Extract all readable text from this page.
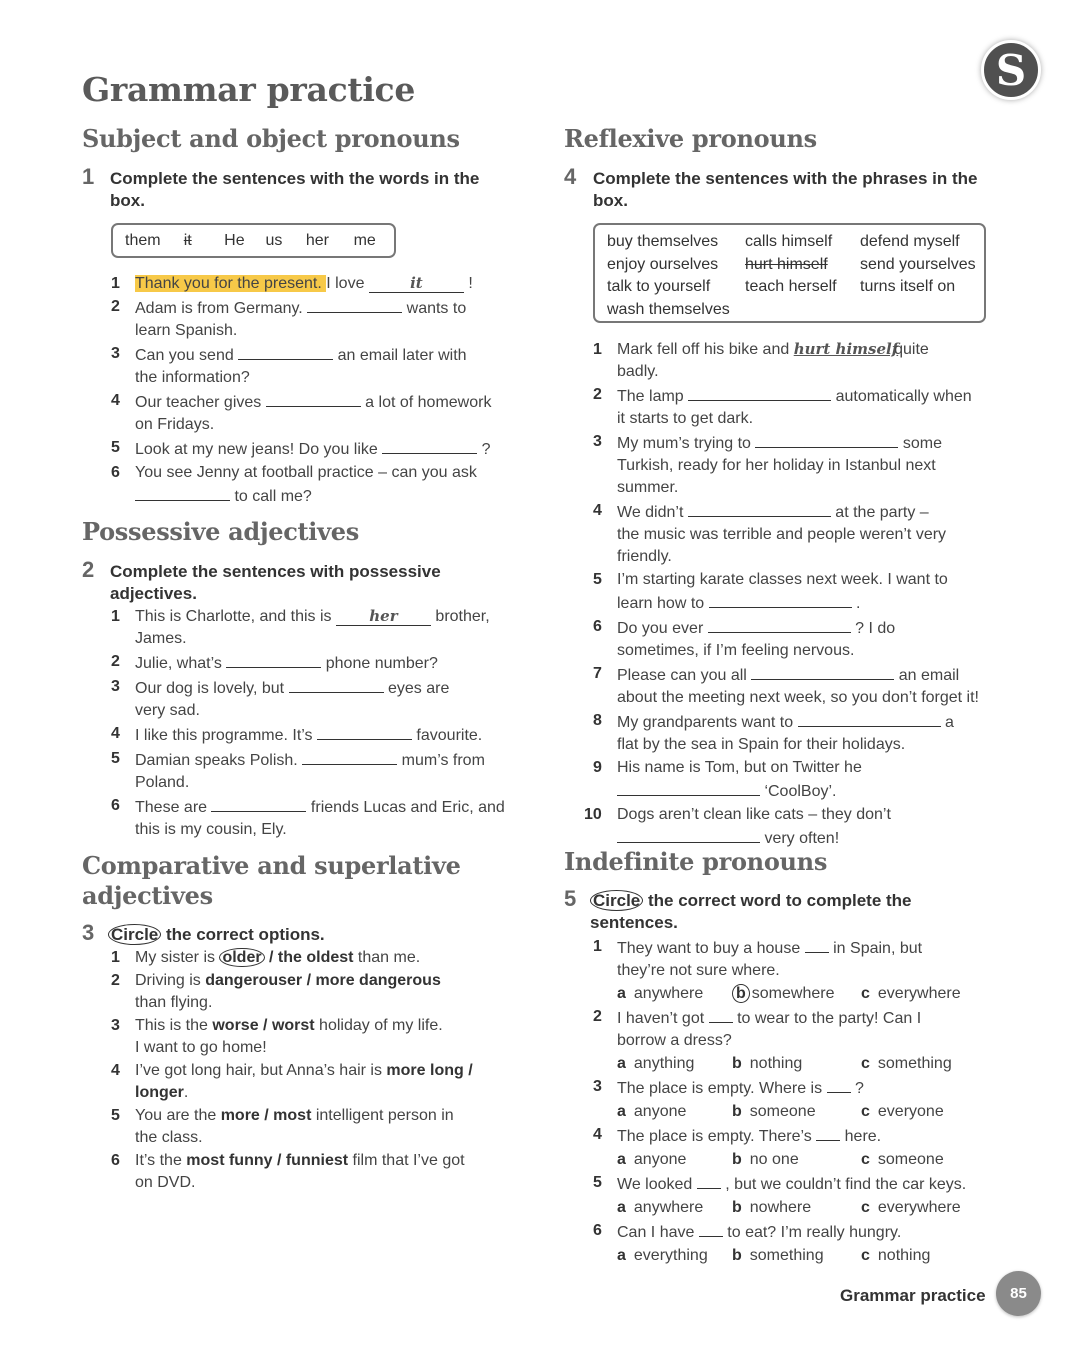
Grammar practice	S
Subject and object pronouns
1 Complete the sentences with the words in the box.
them	it	He	us	her	me
1 Thank you for the present. I love	it	!
2 Adam is from Germany.	wants to
learn Spanish.
3 Can you send	an email later with
the information?
4 Our teacher gives	a lot of homework
on Fridays.
5 Look at my new jeans! Do you like	?
6 You see Jenny at football practice – can you ask
to call me?
Possessive adjectives
2 Complete the sentences with possessive adjectives.
1 This is Charlotte, and this is her brother,
James.
2 Julie, what’s	phone number?
3 Our dog is lovely, but	eyes are
very sad.
4 I like this programme. It’s	favourite.
5 Damian speaks Polish.	mum’s from
Poland.
6 These are	friends Lucas and Eric, and
this is my cousin, Ely.
Comparative and superlative
adjectives
3 Circle the correct options.
1 My sister is older / the oldest than me.
2 Driving is dangerouser / more dangerous
than flying.
3 This is the worse / worst holiday of my life.
I want to go home!
4 I’ve got long hair, but Anna’s hair is more long /
longer.
5 You are the more / most intelligent person in
the class.
6 It’s the most funny / funniest film that I’ve got
on DVD.
Reflexive pronouns
4 Complete the sentences with the phrases in the box.
buy themselves	calls himself	defend myself
enjoy ourselves	hurt himself	send yourselves
talk to yourself	teach herself	turns itself on
wash themselves
1 Mark fell off his bike and hurt himself quite
badly.
2 The lamp	automatically when
it starts to get dark.
3 My mum’s trying to	some
Turkish, ready for her holiday in Istanbul next
summer.
4 We didn’t	at the party –
the music was terrible and people weren’t very
friendly.
5 I’m starting karate classes next week. I want to
learn how to	.
6 Do you ever	? I do
sometimes, if I’m feeling nervous.
7 Please can you all	an email
about the meeting next week, so you don’t forget it!
8 My grandparents want to	a
flat by the sea in Spain for their holidays.
9 His name is Tom, but on Twitter he
‘CoolBoy’.
10 Dogs aren’t clean like cats – they don’t
very often!
Indefinite pronouns
5 Circle the correct word to complete the sentences.
1 They want to buy a house  in Spain, but
they’re not sure where.
a anywhere	b somewhere	c everywhere
2 I haven’t got  to wear to the party! Can I
borrow a dress?
a anything	b nothing	c something
3 The place is empty. Where is  ?
a anyone	b someone	c everyone
4 The place is empty. There’s  here.
a anyone	b no one	c someone
5 We looked  , but we couldn’t find the car keys.
a anywhere	b nowhere	c everywhere
6 Can I have  to eat? I’m really hungry.
a everything	b something	c nothing
Grammar practice	85
